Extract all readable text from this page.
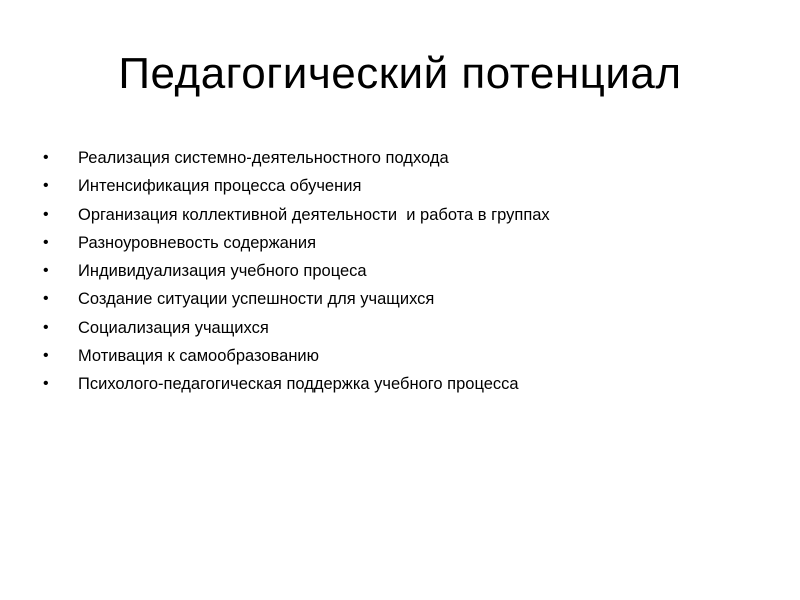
Педагогический потенциал
•	Реализация системно-деятельностного подхода
•	Интенсификация процесса обучения
•	Организация коллективной деятельности  и работа в группах
•	Разноуровневость содержания
•	Индивидуализация учебного процеса
•	Создание ситуации успешности для учащихся
•	Социализация учащихся
•	Мотивация к самообразованию
•	Психолого-педагогическая поддержка учебного процесса
